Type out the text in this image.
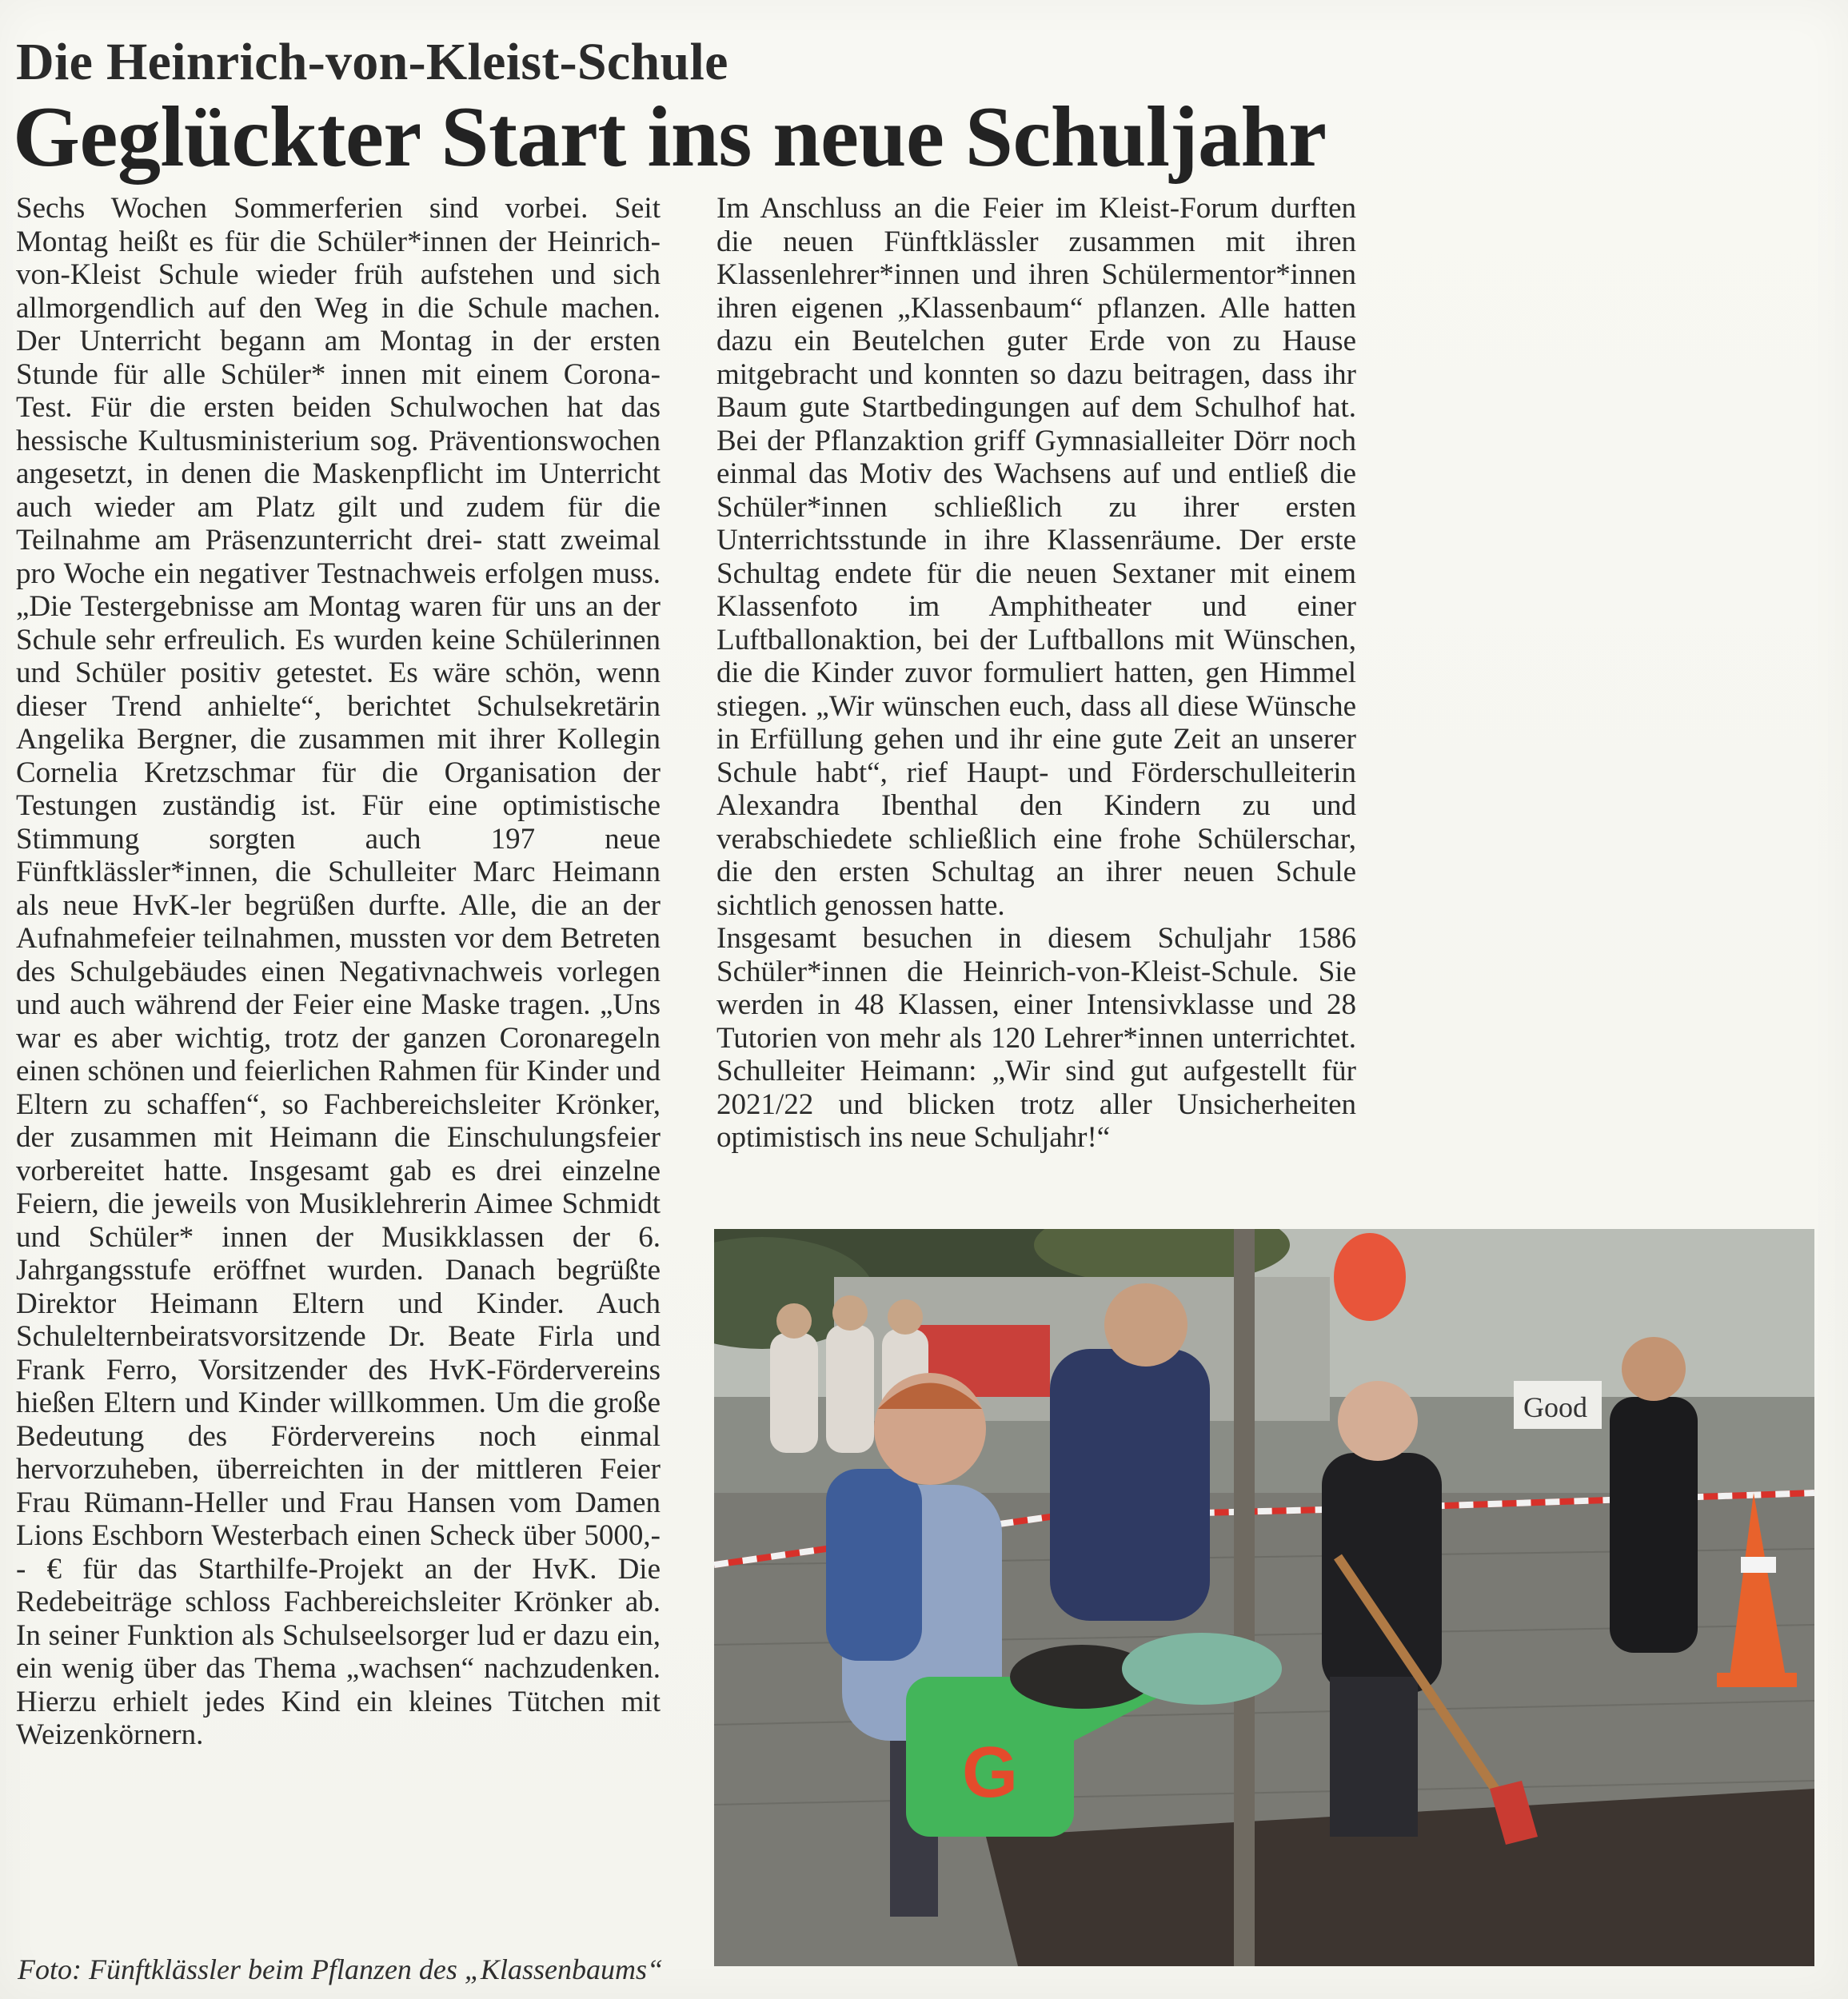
Die Heinrich-von-Kleist-Schule
Geglückter Start ins neue Schuljahr

Sechs Wochen Sommerferien sind vorbei. Seit Montag heißt es für die Schüler*innen der Heinrich-von-Kleist Schule wieder früh aufstehen und sich allmorgendlich auf den Weg in die Schule machen. Der Unterricht begann am Montag in der ersten Stunde für alle Schüler* innen mit einem Corona-Test. Für die ersten beiden Schulwochen hat das hessische Kultusministerium sog. Präventionswochen angesetzt, in denen die Maskenpflicht im Unterricht auch wieder am Platz gilt und zudem für die Teilnahme am Präsenzunterricht drei- statt zweimal pro Woche ein negativer Testnachweis erfolgen muss. „Die Testergebnisse am Montag waren für uns an der Schule sehr erfreulich. Es wurden keine Schülerinnen und Schüler positiv getestet. Es wäre schön, wenn dieser Trend anhielte“, berichtet Schulsekretärin Angelika Bergner, die zusammen mit ihrer Kollegin Cornelia Kretzschmar für die Organisation der Testungen zuständig ist. Für eine optimistische Stimmung sorgten auch 197 neue Fünftklässler*innen, die Schulleiter Marc Heimann als neue HvK-ler begrüßen durfte. Alle, die an der Aufnahmefeier teilnahmen, mussten vor dem Betreten des Schulgebäudes einen Negativnachweis vorlegen und auch während der Feier eine Maske tragen. „Uns war es aber wichtig, trotz der ganzen Coronaregeln einen schönen und feierlichen Rahmen für Kinder und Eltern zu schaffen“, so Fachbereichsleiter Krönker, der zusammen mit Heimann die Einschulungsfeier vorbereitet hatte. Insgesamt gab es drei einzelne Feiern, die jeweils von Musiklehrerin Aimee Schmidt und Schüler* innen der Musikklassen der 6. Jahrgangsstufe eröffnet wurden. Danach begrüßte Direktor Heimann Eltern und Kinder. Auch Schulelternbeiratsvorsitzende Dr. Beate Firla und Frank Ferro, Vorsitzender des HvK-Fördervereins hießen Eltern und Kinder willkommen. Um die große Bedeutung des Fördervereins noch einmal hervorzuheben, überreichten in der mittleren Feier Frau Rümann-Heller und Frau Hansen vom Damen Lions Eschborn Westerbach einen Scheck über 5000,-- € für das Starthilfe-Projekt an der HvK. Die Redebeiträge schloss Fachbereichsleiter Krönker ab. In seiner Funktion als Schulseelsorger lud er dazu ein, ein wenig über das Thema „wachsen“ nachzudenken. Hierzu erhielt jedes Kind ein kleines Tütchen mit Weizenkörnern.

Im Anschluss an die Feier im Kleist-Forum durften die neuen Fünftklässler zusammen mit ihren Klassenlehrer*innen und ihren Schülermentor*innen ihren eigenen „Klassenbaum“ pflanzen. Alle hatten dazu ein Beutelchen guter Erde von zu Hause mitgebracht und konnten so dazu beitragen, dass ihr Baum gute Startbedingungen auf dem Schulhof hat. Bei der Pflanzaktion griff Gymnasialleiter Dörr noch einmal das Motiv des Wachsens auf und entließ die Schüler*innen schließlich zu ihrer ersten Unterrichtsstunde in ihre Klassenräume. Der erste Schultag endete für die neuen Sextaner mit einem Klassenfoto im Amphitheater und einer Luftballonaktion, bei der Luftballons mit Wünschen, die die Kinder zuvor formuliert hatten, gen Himmel stiegen. „Wir wünschen euch, dass all diese Wünsche in Erfüllung gehen und ihr eine gute Zeit an unserer Schule habt“, rief Haupt- und Förderschulleiterin Alexandra Ibenthal den Kindern zu und verabschiedete schließlich eine frohe Schülerschar, die den ersten Schultag an ihrer neuen Schule sichtlich genossen hatte.

Insgesamt besuchen in diesem Schuljahr 1586 Schüler*innen die Heinrich-von-Kleist-Schule. Sie werden in 48 Klassen, einer Intensivklasse und 28 Tutorien von mehr als 120 Lehrer*innen unterrichtet. Schulleiter Heimann: „Wir sind gut aufgestellt für 2021/22 und blicken trotz aller Unsicherheiten optimistisch ins neue Schuljahr!“

G
Good
Foto: Fünftklässler beim Pflanzen des „Klassenbaums“
